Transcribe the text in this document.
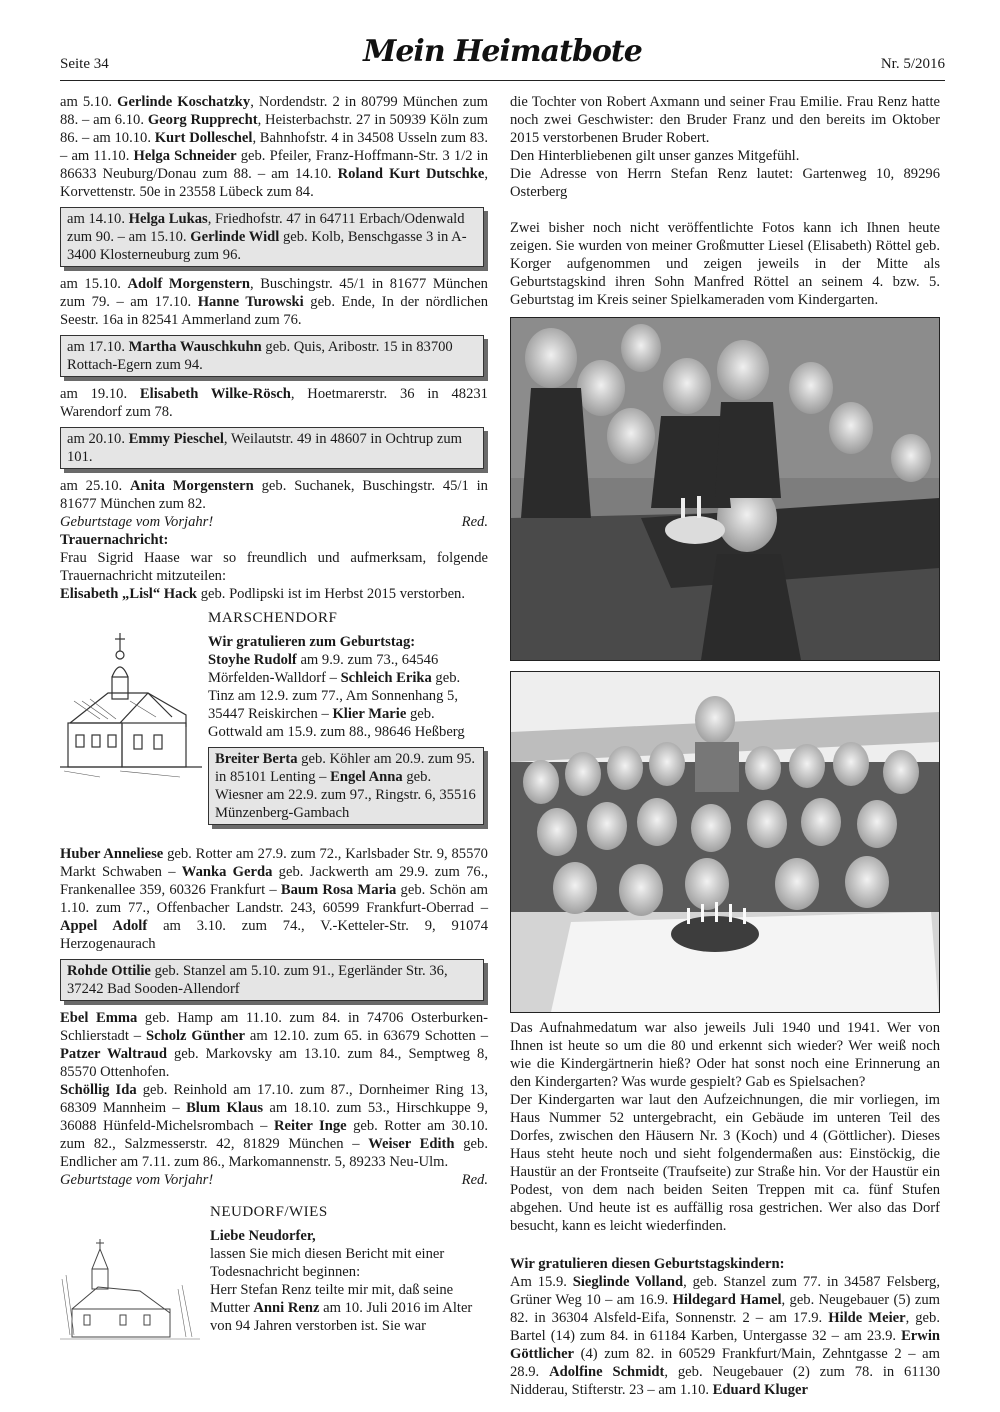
Seite 34	Mein Heimatbote	Nr. 5/2016

am 5.10. Gerlinde Koschatzky, Nordendstr. 2 in 80799 München zum 88. – am 6.10. Georg Rupprecht, Heisterbachstr. 27 in 50939 Köln zum 86. – am 10.10. Kurt Dolleschel, Bahnhofstr. 4 in 34508 Usseln zum 83. – am 11.10. Helga Schneider geb. Pfeiler, Franz-Hoffmann-Str. 3 1/2 in 86633 Neuburg/Donau zum 88. – am 14.10. Roland Kurt Dutschke, Korvettenstr. 50e in 23558 Lübeck zum 84.

am 14.10. Helga Lukas, Friedhofstr. 47 in 64711 Erbach/Odenwald zum 90. – am 15.10. Gerlinde Widl geb. Kolb, Benschgasse 3 in A-3400 Klosterneuburg zum 96.

am 15.10. Adolf Morgenstern, Buschingstr. 45/1 in 81677 München zum 79. – am 17.10. Hanne Turowski geb. Ende, In der nördlichen Seestr. 16a in 82541 Ammerland zum 76.

am 17.10. Martha Wauschkuhn geb. Quis, Aribostr. 15 in 83700 Rottach-Egern zum 94.

am 19.10. Elisabeth Wilke-Rösch, Hoetmarerstr. 36 in 48231 Warendorf zum 78.

am 20.10. Emmy Pieschel, Weilautstr. 49 in 48607 in Ochtrup zum 101.

am 25.10. Anita Morgenstern geb. Suchanek, Buschingstr. 45/1 in 81677 München zum 82.

Geburtstage vom Vorjahr!	Red.

Trauernachricht:

Frau Sigrid Haase war so freundlich und aufmerksam, folgende Trauernachricht mitzuteilen:

Elisabeth „Lisl“ Hack geb. Podlipski ist im Herbst 2015 verstorben.

MARSCHENDORF

Wir gratulieren zum Geburtstag:

Stoyhe Rudolf am 9.9. zum 73., 64546 Mörfelden-Walldorf – Schleich Erika geb. Tinz am 12.9. zum 77., Am Sonnenhang 5, 35447 Reiskirchen – Klier Marie geb. Gottwald am 15.9. zum 88., 98646 Heßberg

Breiter Berta geb. Köhler am 20.9. zum 95. in 85101 Lenting – Engel Anna geb. Wiesner am 22.9. zum 97., Ringstr. 6, 35516 Münzenberg-Gambach

Huber Anneliese geb. Rotter am 27.9. zum 72., Karlsbader Str. 9, 85570 Markt Schwaben – Wanka Gerda geb. Jackwerth am 29.9. zum 76., Frankenallee 359, 60326 Frankfurt – Baum Rosa Maria geb. Schön am 1.10. zum 77., Offenbacher Landstr. 243, 60599 Frankfurt-Oberrad – Appel Adolf am 3.10. zum 74., V.-Ketteler-Str. 9, 91074 Herzogenaurach

Rohde Ottilie geb. Stanzel am 5.10. zum 91., Egerländer Str. 36, 37242 Bad Sooden-Allendorf

Ebel Emma geb. Hamp am 11.10. zum 84. in 74706 Osterburken-Schlierstadt – Scholz Günther am 12.10. zum 65. in 63679 Schotten – Patzer Waltraud geb. Markovsky am 13.10. zum 84., Semptweg 8, 85570 Ottenhofen.

Schöllig Ida geb. Reinhold am 17.10. zum 87., Dornheimer Ring 13, 68309 Mannheim – Blum Klaus am 18.10. zum 53., Hirschkuppe 9, 36088 Hünfeld-Michelsrombach – Reiter Inge geb. Rotter am 30.10. zum 82., Salzmesserstr. 42, 81829 München – Weiser Edith geb. Endlicher am 7.11. zum 86., Markomannenstr. 5, 89233 Neu-Ulm.

Geburtstage vom Vorjahr!	Red.
NEUDORF/WIES

Liebe Neudorfer,

lassen Sie mich diesen Bericht mit einer Todesnachricht beginnen:

Herr Stefan Renz teilte mir mit, daß seine Mutter Anni Renz am 10. Juli 2016 im Alter von 94 Jahren verstorben ist. Sie war

die Tochter von Robert Axmann und seiner Frau Emilie. Frau Renz hatte noch zwei Geschwister: den Bruder Franz und den bereits im Oktober 2015 verstorbenen Bruder Robert.

Den Hinterbliebenen gilt unser ganzes Mitgefühl.

Die Adresse von Herrn Stefan Renz lautet: Gartenweg 10, 89296 Osterberg

Zwei bisher noch nicht veröffentlichte Fotos kann ich Ihnen heute zeigen. Sie wurden von meiner Großmutter Liesel (Elisabeth) Röttel geb. Korger aufgenommen und zeigen jeweils in der Mitte als Geburtstagskind ihren Sohn Manfred Röttel an seinem 4. bzw. 5. Geburtstag im Kreis seiner Spielkameraden vom Kindergarten.

Das Aufnahmedatum war also jeweils Juli 1940 und 1941. Wer von Ihnen ist heute so um die 80 und erkennt sich wieder? Wer weiß noch wie die Kindergärtnerin hieß? Oder hat sonst noch eine Erinnerung an den Kindergarten? Was wurde gespielt? Gab es Spielsachen?

Der Kindergarten war laut den Aufzeichnungen, die mir vorliegen, im Haus Nummer 52 untergebracht, ein Gebäude im unteren Teil des Dorfes, zwischen den Häusern Nr. 3 (Koch) und 4 (Göttlicher). Dieses Haus steht heute noch und sieht folgendermaßen aus: Einstöckig, die Haustür an der Frontseite (Traufseite) zur Straße hin. Vor der Haustür ein Podest, von dem nach beiden Seiten Treppen mit ca. fünf Stufen abgehen. Und heute ist es auffällig rosa gestrichen. Wer also das Dorf besucht, kann es leicht wiederfinden.

Wir gratulieren diesen Geburtstagskindern:

Am 15.9. Sieglinde Volland, geb. Stanzel zum 77. in 34587 Felsberg, Grüner Weg 10 – am 16.9. Hildegard Hamel, geb. Neugebauer (5) zum 82. in 36304 Alsfeld-Eifa, Sonnenstr. 2 – am 17.9. Hilde Meier, geb. Bartel (14) zum 84. in 61184 Karben, Untergasse 32 – am 23.9. Erwin Göttlicher (4) zum 82. in 60529 Frankfurt/Main, Zehntgasse 2 – am 28.9. Adolfine Schmidt, geb. Neugebauer (2) zum 78. in 61130 Nidderau, Stifterstr. 23 – am 1.10. Eduard Kluger
